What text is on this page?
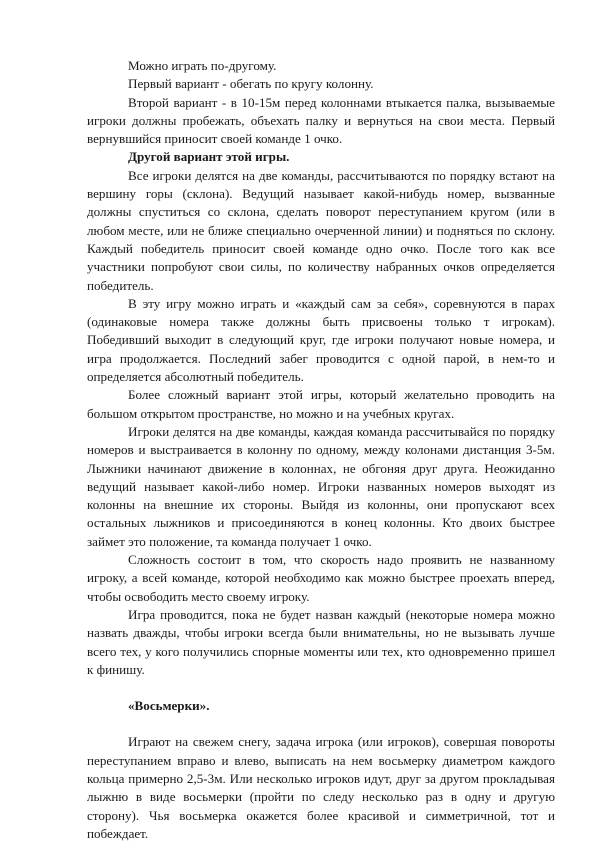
Можно играть по-другому.

Первый вариант - обегать по кругу колонну.

Второй вариант - в 10-15м перед колоннами втыкается палка, вызываемые игроки должны пробежать, объехать палку и вернуться на свои места. Первый вернувшийся приносит своей команде 1 очко.

Другой вариант этой игры.

Все игроки делятся на две команды, рассчитываются по порядку встают на вершину горы (склона). Ведущий называет какой-нибудь номер, вызванные должны спуститься со склона, сделать поворот переступанием кругом (или в любом месте, или не ближе специально очерченной линии) и подняться по склону. Каждый победитель приносит своей команде одно очко. После того как все участники попробуют свои силы, по количеству набранных очков определяется победитель.

В эту игру можно играть и «каждый сам за себя», соревнуются в парах (одинаковые номера также должны быть присвоены только т игрокам). Победивший выходит в следующий круг, где игроки получают новые номера, и игра продолжается. Последний забег проводится с одной парой, в нем-то и определяется абсолютный победитель.

Более сложный вариант этой игры, который желательно проводить на большом открытом пространстве, но можно и на учебных кругах.

Игроки делятся на две команды, каждая команда рассчитывайся по порядку номеров и выстраивается в колонну по одному, между колонами дистанция 3-5м. Лыжники начинают движение в колоннах, не обгоняя друг друга. Неожиданно ведущий называет какой-либо номер. Игроки названных номеров выходят из колонны на внешние их стороны. Выйдя из колонны, они пропускают всех остальных лыжников и присоединяются в конец колонны. Кто двоих быстрее займет это положение, та команда получает 1 очко.

Сложность состоит в том, что скорость надо проявить не названному игроку, а всей команде, которой необходимо как можно быстрее проехать вперед, чтобы освободить место своему игроку.

Игра проводится, пока не будет назван каждый (некоторые номера можно назвать дважды, чтобы игроки всегда были внимательны, но не вызывать лучше всего тех, у кого получились спорные моменты или тех, кто одновременно пришел к финишу.

«Восьмерки».

Играют на свежем снегу, задача игрока (или игроков), совершая повороты переступанием вправо и влево, выписать на нем восьмерку диаметром каждого кольца примерно 2,5-3м. Или несколько игроков идут, друг за другом прокладывая лыжню в виде восьмерки (пройти по следу несколько раз в одну и другую сторону). Чья восьмерка окажется более красивой и симметричной, тот и побеждает.
